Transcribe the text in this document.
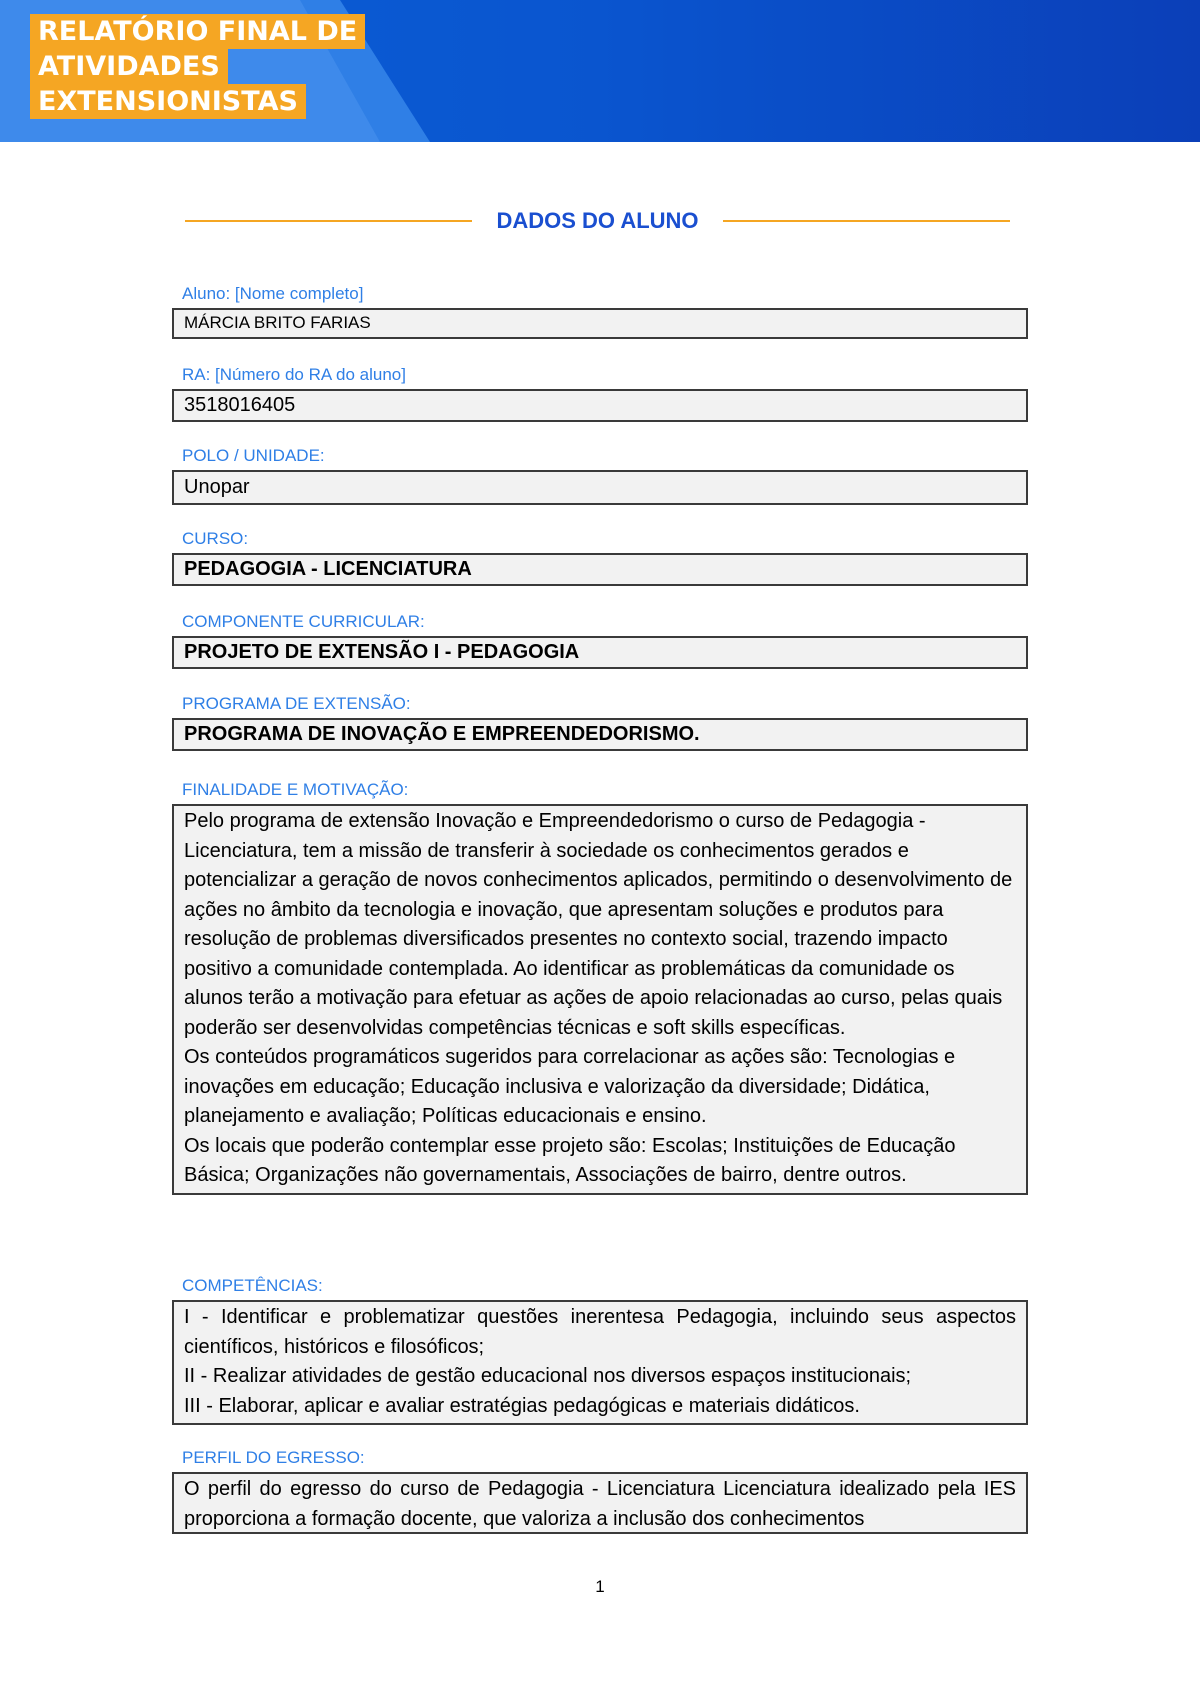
RELATÓRIO FINAL DE
ATIVIDADES
EXTENSIONISTAS
DADOS DO ALUNO
Aluno: [Nome completo]
MÁRCIA BRITO FARIAS
RA: [Número do RA do aluno]
3518016405
POLO / UNIDADE:
Unopar
CURSO:
PEDAGOGIA - LICENCIATURA
COMPONENTE CURRICULAR:
PROJETO DE EXTENSÃO I - PEDAGOGIA
PROGRAMA DE EXTENSÃO:
PROGRAMA DE INOVAÇÃO E EMPREENDEDORISMO.
FINALIDADE E MOTIVAÇÃO:
Pelo programa de extensão Inovação e Empreendedorismo o curso de Pedagogia - Licenciatura, tem a missão de transferir à sociedade os conhecimentos gerados e potencializar a geração de novos conhecimentos aplicados, permitindo o desenvolvimento de ações no âmbito da tecnologia e inovação, que apresentam soluções e produtos para resolução de problemas diversificados presentes no contexto social, trazendo impacto positivo a comunidade contemplada. Ao identificar as problemáticas da comunidade os alunos terão a motivação para efetuar as ações de apoio relacionadas ao curso, pelas quais poderão ser desenvolvidas competências técnicas e soft skills específicas.
Os conteúdos programáticos sugeridos para correlacionar as ações são: Tecnologias e inovações em educação; Educação inclusiva e valorização da diversidade; Didática, planejamento e avaliação; Políticas educacionais e ensino.
Os locais que poderão contemplar esse projeto são: Escolas; Instituições de Educação Básica; Organizações não governamentais, Associações de bairro, dentre outros.
COMPETÊNCIAS:
I - Identificar e problematizar questões inerentesa Pedagogia, incluindo seus aspectos científicos, históricos e filosóficos;
II - Realizar atividades de gestão educacional nos diversos espaços institucionais;
III - Elaborar, aplicar e avaliar estratégias pedagógicas e materiais didáticos.
PERFIL DO EGRESSO:
O perfil do egresso do curso de Pedagogia - Licenciatura Licenciatura idealizado pela IES proporciona a formação docente, que valoriza a inclusão dos conhecimentos
1
